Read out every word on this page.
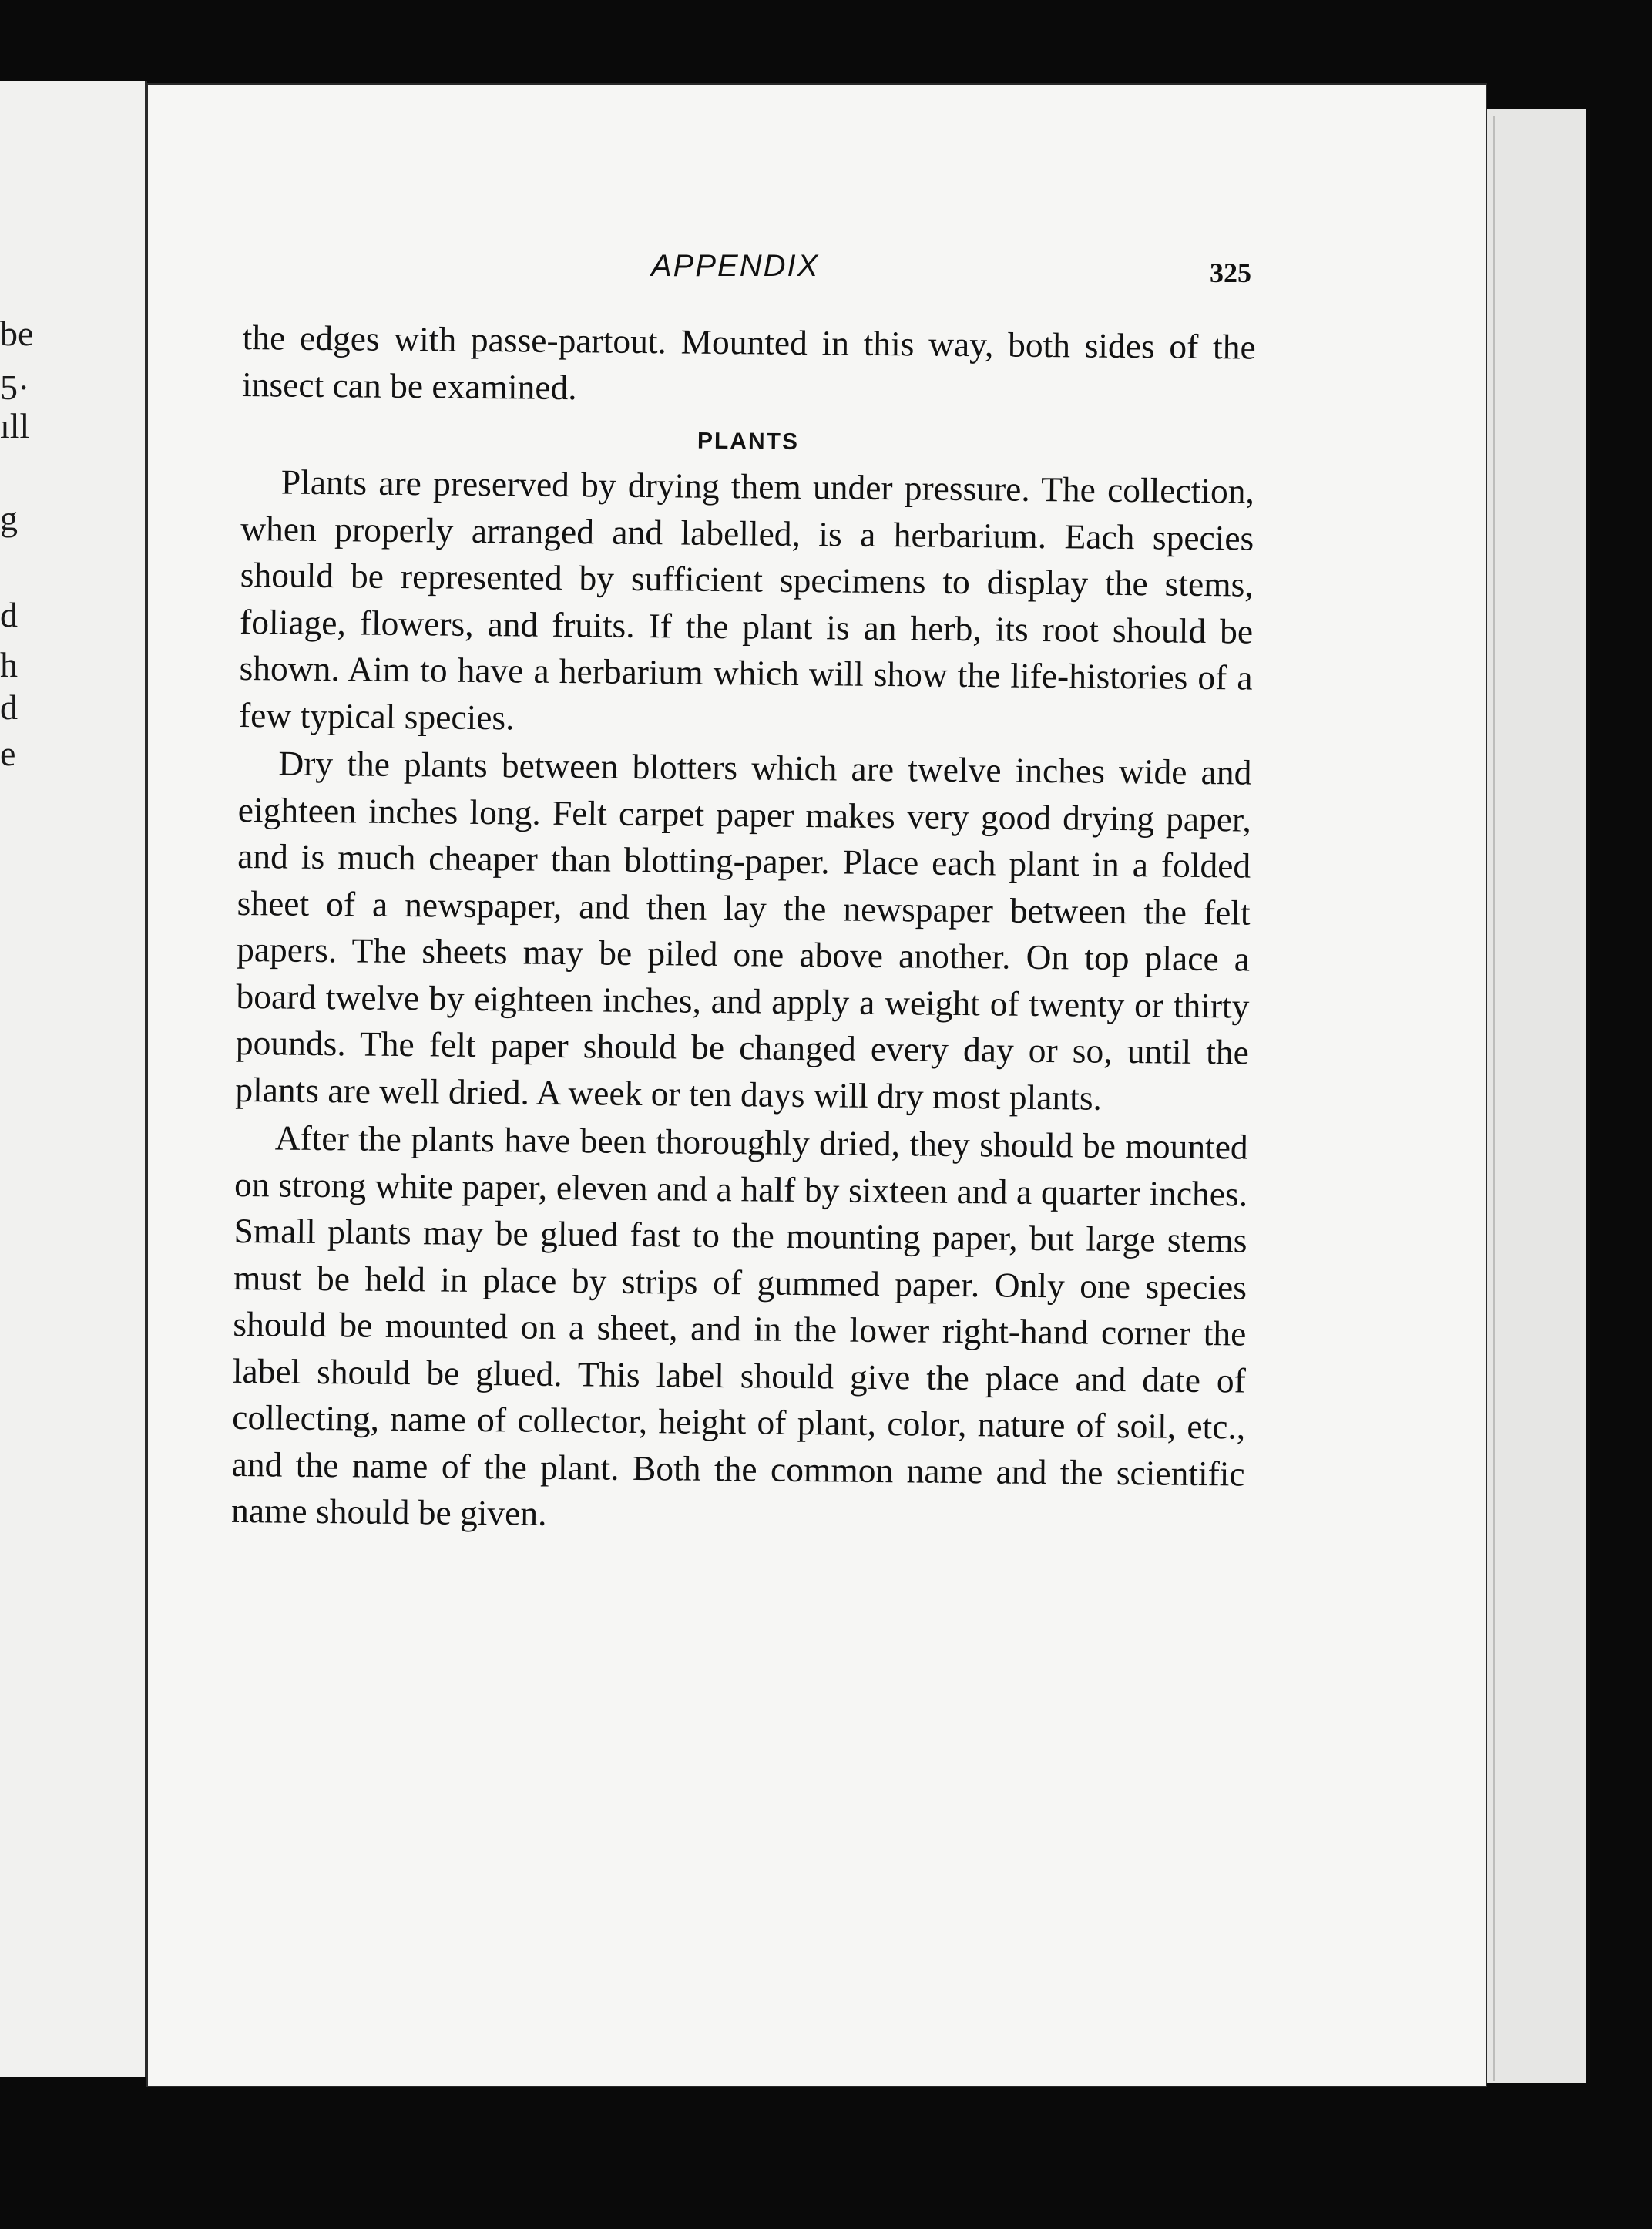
be
5·
ıll
g
d
h
d
e
APPENDIX	325

the edges with passe-partout. Mounted in this way, both sides of the insect can be examined.

PLANTS

Plants are preserved by drying them under pressure. The collection, when properly arranged and labelled, is a herbarium. Each species should be represented by sufficient specimens to display the stems, foliage, flowers, and fruits. If the plant is an herb, its root should be shown. Aim to have a herbarium which will show the life-histories of a few typical species.

Dry the plants between blotters which are twelve inches wide and eighteen inches long. Felt carpet paper makes very good drying paper, and is much cheaper than blotting-paper. Place each plant in a folded sheet of a newspaper, and then lay the newspaper between the felt papers. The sheets may be piled one above another. On top place a board twelve by eighteen inches, and apply a weight of twenty or thirty pounds. The felt paper should be changed every day or so, until the plants are well dried. A week or ten days will dry most plants.

After the plants have been thoroughly dried, they should be mounted on strong white paper, eleven and a half by sixteen and a quarter inches. Small plants may be glued fast to the mounting paper, but large stems must be held in place by strips of gummed paper. Only one species should be mounted on a sheet, and in the lower right-hand corner the label should be glued. This label should give the place and date of collecting, name of collector, height of plant, color, nature of soil, etc., and the name of the plant. Both the common name and the scientific name should be given.
